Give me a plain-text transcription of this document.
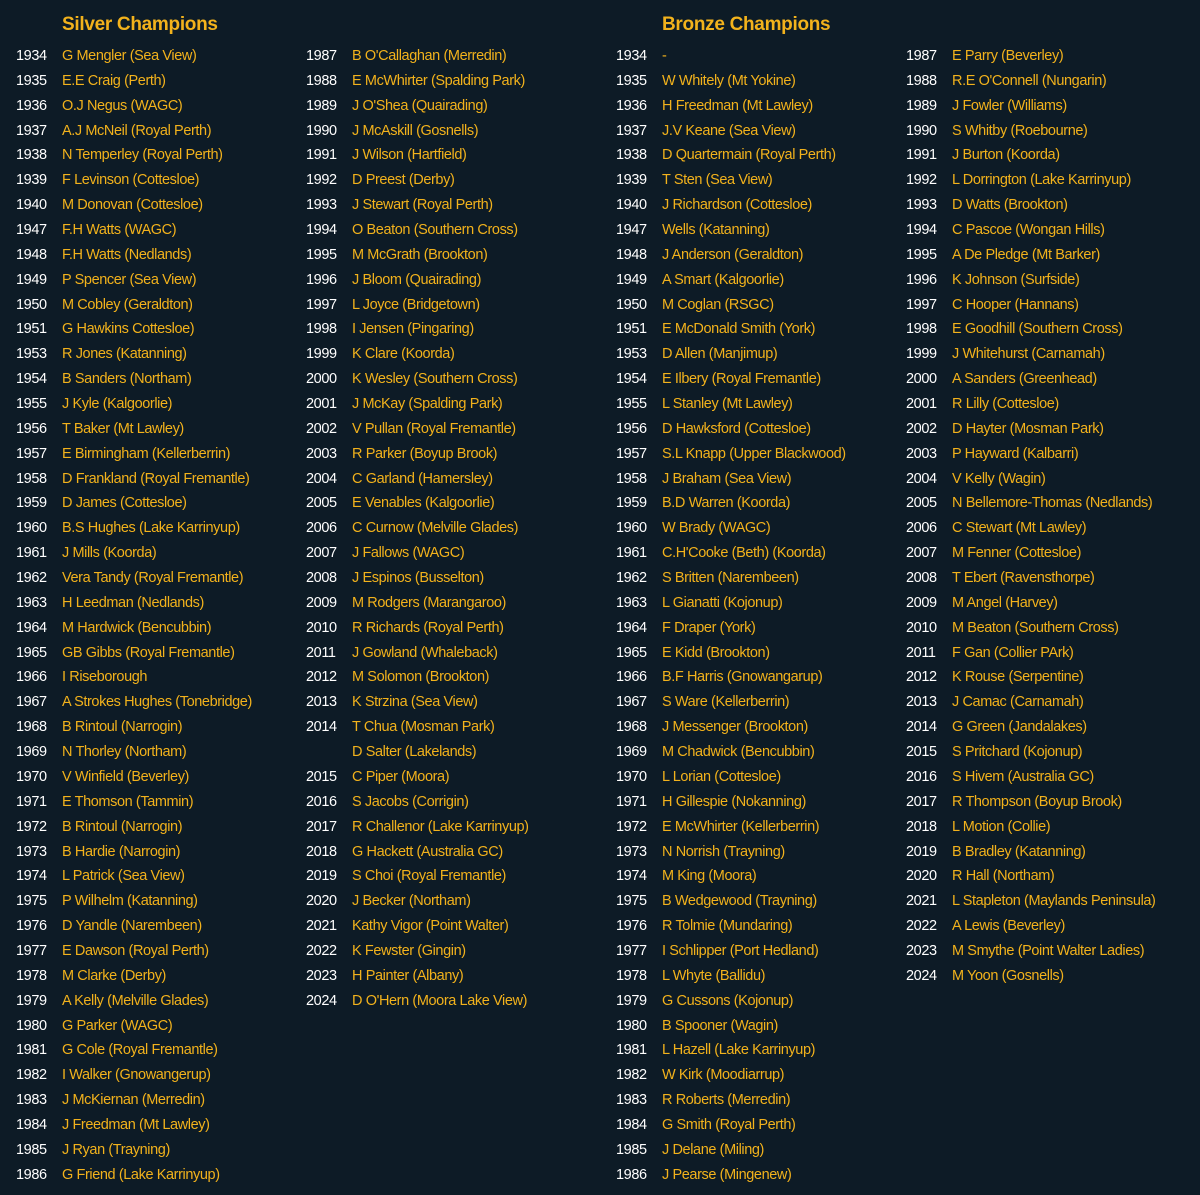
Silver Champions	Bronze Champions
1934	G Mengler (Sea View)
1935	E.E Craig (Perth)
1936	O.J Negus (WAGC)
1937	A.J McNeil (Royal Perth)
1938	N Temperley (Royal Perth)
1939	F Levinson (Cottesloe)
1940	M Donovan (Cottesloe)
1947	F.H Watts (WAGC)
1948	F.H Watts (Nedlands)
1949	P Spencer (Sea View)
1950	M Cobley (Geraldton)
1951	G Hawkins Cottesloe)
1953	R Jones (Katanning)
1954	B Sanders (Northam)
1955	J Kyle (Kalgoorlie)
1956	T Baker (Mt Lawley)
1957	E Birmingham (Kellerberrin)
1958	D Frankland (Royal Fremantle)
1959	D James (Cottesloe)
1960	B.S Hughes (Lake Karrinyup)
1961	J Mills (Koorda)
1962	Vera Tandy (Royal Fremantle)
1963	H Leedman (Nedlands)
1964	M Hardwick (Bencubbin)
1965	GB Gibbs (Royal Fremantle)
1966	I Riseborough
1967	A Strokes Hughes (Tonebridge)
1968	B Rintoul (Narrogin)
1969	N Thorley (Northam)
1970	V Winfield (Beverley)
1971	E Thomson (Tammin)
1972	B Rintoul (Narrogin)
1973	B Hardie (Narrogin)
1974	L Patrick (Sea View)
1975	P Wilhelm (Katanning)
1976	D Yandle (Narembeen)
1977	E Dawson (Royal Perth)
1978	M Clarke (Derby)
1979	A Kelly (Melville Glades)
1980	G Parker (WAGC)
1981	G Cole (Royal Fremantle)
1982	I Walker (Gnowangerup)
1983	J McKiernan (Merredin)
1984	J Freedman (Mt Lawley)
1985	J Ryan (Trayning)
1986	G Friend (Lake Karrinyup)
1987	B O'Callaghan (Merredin)
1988	E McWhirter (Spalding Park)
1989	J O'Shea (Quairading)
1990	J McAskill (Gosnells)
1991	J Wilson (Hartfield)
1992	D Preest (Derby)
1993	J Stewart (Royal Perth)
1994	O Beaton (Southern Cross)
1995	M McGrath (Brookton)
1996	J Bloom (Quairading)
1997	L Joyce (Bridgetown)
1998	I Jensen (Pingaring)
1999	K Clare (Koorda)
2000	K Wesley (Southern Cross)
2001	J McKay (Spalding Park)
2002	V Pullan (Royal Fremantle)
2003	R Parker (Boyup Brook)
2004	C Garland (Hamersley)
2005	E Venables (Kalgoorlie)
2006	C Curnow (Melville Glades)
2007	J Fallows (WAGC)
2008	J Espinos (Busselton)
2009	M Rodgers (Marangaroo)
2010	R Richards (Royal Perth)
2011	J Gowland (Whaleback)
2012	M Solomon (Brookton)
2013	K Strzina (Sea View)
2014	T Chua (Mosman Park)
D Salter (Lakelands)
2015	C Piper (Moora)
2016	S Jacobs (Corrigin)
2017	R Challenor (Lake Karrinyup)
2018	G Hackett (Australia GC)
2019	S Choi (Royal Fremantle)
2020	J Becker (Northam)
2021	Kathy Vigor (Point Walter)
2022	K Fewster (Gingin)
2023	H Painter (Albany)
2024	D O'Hern (Moora Lake View)
1934	-
1935	W Whitely (Mt Yokine)
1936	H Freedman (Mt Lawley)
1937	J.V Keane (Sea View)
1938	D Quartermain (Royal Perth)
1939	T Sten (Sea View)
1940	J Richardson (Cottesloe)
1947	Wells (Katanning)
1948	J Anderson (Geraldton)
1949	A Smart (Kalgoorlie)
1950	M Coglan (RSGC)
1951	E McDonald Smith (York)
1953	D Allen (Manjimup)
1954	E Ilbery (Royal Fremantle)
1955	L Stanley (Mt Lawley)
1956	D Hawksford (Cottesloe)
1957	S.L Knapp (Upper Blackwood)
1958	J Braham (Sea View)
1959	B.D Warren (Koorda)
1960	W Brady (WAGC)
1961	C.H'Cooke (Beth) (Koorda)
1962	S Britten (Narembeen)
1963	L Gianatti (Kojonup)
1964	F Draper (York)
1965	E Kidd (Brookton)
1966	B.F Harris (Gnowangarup)
1967	S Ware (Kellerberrin)
1968	J Messenger (Brookton)
1969	M Chadwick (Bencubbin)
1970	L Lorian (Cottesloe)
1971	H Gillespie (Nokanning)
1972	E McWhirter (Kellerberrin)
1973	N Norrish (Trayning)
1974	M King (Moora)
1975	B Wedgewood (Trayning)
1976	R Tolmie (Mundaring)
1977	I Schlipper (Port Hedland)
1978	L Whyte (Ballidu)
1979	G Cussons (Kojonup)
1980	B Spooner (Wagin)
1981	L Hazell (Lake Karrinyup)
1982	W Kirk (Moodiarrup)
1983	R Roberts (Merredin)
1984	G Smith (Royal Perth)
1985	J Delane (Miling)
1986	J Pearse (Mingenew)
1987	E Parry (Beverley)
1988	R.E O'Connell (Nungarin)
1989	J Fowler (Williams)
1990	S Whitby (Roebourne)
1991	J Burton (Koorda)
1992	L Dorrington (Lake Karrinyup)
1993	D Watts (Brookton)
1994	C Pascoe (Wongan Hills)
1995	A De Pledge (Mt Barker)
1996	K Johnson (Surfside)
1997	C Hooper (Hannans)
1998	E Goodhill (Southern Cross)
1999	J Whitehurst (Carnamah)
2000	A Sanders (Greenhead)
2001	R Lilly (Cottesloe)
2002	D Hayter (Mosman Park)
2003	P Hayward (Kalbarri)
2004	V Kelly (Wagin)
2005	N Bellemore-Thomas (Nedlands)
2006	C Stewart (Mt Lawley)
2007	M Fenner (Cottesloe)
2008	T Ebert (Ravensthorpe)
2009	M Angel (Harvey)
2010	M Beaton (Southern Cross)
2011	F Gan (Collier PArk)
2012	K Rouse (Serpentine)
2013	J Camac (Carnamah)
2014	G Green (Jandalakes)
2015	S Pritchard (Kojonup)
2016	S Hivem (Australia GC)
2017	R Thompson (Boyup Brook)
2018	L Motion (Collie)
2019	B Bradley (Katanning)
2020	R Hall (Northam)
2021	L Stapleton (Maylands Peninsula)
2022	A Lewis (Beverley)
2023	M Smythe (Point Walter Ladies)
2024	M Yoon (Gosnells)
